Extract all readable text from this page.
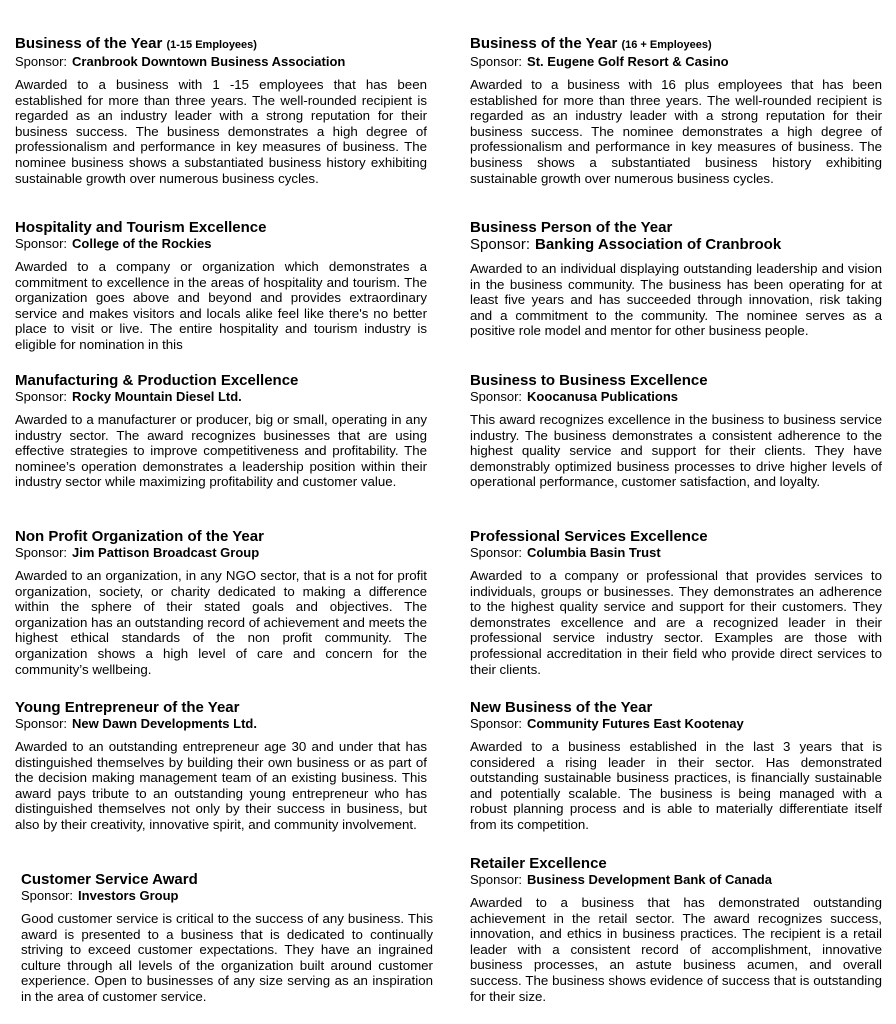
Business of the Year (1-15 Employees)
Sponsor: Cranbrook Downtown Business Association
Awarded to a business with 1 -15 employees that has been established for more than three years. The well-rounded recipient is regarded as an industry leader with a strong reputation for their business success. The business demonstrates a high degree of professionalism and performance in key measures of business. The nominee business shows a substantiated business history exhibiting sustainable growth over numerous business cycles.
Hospitality and Tourism Excellence
Sponsor: College of the Rockies
Awarded to a company or organization which demonstrates a commitment to excellence in the areas of hospitality and tourism. The organization goes above and beyond and provides extraordinary service and makes visitors and locals alike feel like there's no better place to visit or live. The entire hospitality and tourism industry is eligible for nomination in this
Manufacturing & Production Excellence
Sponsor: Rocky Mountain Diesel Ltd.
Awarded to a manufacturer or producer, big or small, operating in any industry sector. The award recognizes businesses that are using effective strategies to improve competitiveness and profitability. The nominee’s operation demonstrates a leadership position within their industry sector while maximizing profitability and customer value.
Non Profit Organization of the Year
Sponsor: Jim Pattison Broadcast Group
Awarded to an organization, in any NGO sector, that is a not for profit organization, society, or charity dedicated to making a difference within the sphere of their stated goals and objectives. The organization has an outstanding record of achievement and meets the highest ethical standards of the non profit community. The organization shows a high level of care and concern for the community’s wellbeing.
Young Entrepreneur of the Year
Sponsor: New Dawn Developments Ltd.
Awarded to an outstanding entrepreneur age 30 and under that has distinguished themselves by building their own business or as part of the decision making management team of an existing business. This award pays tribute to an outstanding young entrepreneur who has distinguished themselves not only by their success in business, but also by their creativity, innovative spirit, and community involvement.
Customer Service Award
Sponsor: Investors Group
Good customer service is critical to the success of any business. This award is presented to a business that is dedicated to continually striving to exceed customer expectations. They have an ingrained culture through all levels of the organization built around customer experience. Open to businesses of any size serving as an inspiration in the area of customer service.
Business of the Year (16 + Employees)
Sponsor: St. Eugene Golf Resort & Casino
Awarded to a business with 16 plus employees that has been established for more than three years. The well-rounded recipient is regarded as an industry leader with a strong reputation for their business success. The nominee demonstrates a high degree of professionalism and performance in key measures of business. The business shows a substantiated business history exhibiting sustainable growth over numerous business cycles.
Business Person of the Year
Sponsor: Banking Association of Cranbrook
Awarded to an individual displaying outstanding leadership and vision in the business community. The business has been operating for at least five years and has succeeded through innovation, risk taking and a commitment to the community. The nominee serves as a positive role model and mentor for other business people.
Business to Business Excellence
Sponsor: Koocanusa Publications
This award recognizes excellence in the business to business service industry. The business demonstrates a consistent adherence to the highest quality service and support for their clients. They have demonstrably optimized business processes to drive higher levels of operational performance, customer satisfaction, and loyalty.
Professional Services Excellence
Sponsor: Columbia Basin Trust
Awarded to a company or professional that provides services to individuals, groups or businesses. They demonstrates an adherence to the highest quality service and support for their customers. They demonstrates excellence and are a recognized leader in their professional service industry sector. Examples are those with professional accreditation in their field who provide direct services to their clients.
New Business of the Year
Sponsor: Community Futures East Kootenay
Awarded to a business established in the last 3 years that is considered a rising leader in their sector. Has demonstrated outstanding sustainable business practices, is financially sustainable and potentially scalable. The business is being managed with a robust planning process and is able to materially differentiate itself from its competition.
Retailer Excellence
Sponsor: Business Development Bank of Canada
Awarded to a business that has demonstrated outstanding achievement in the retail sector. The award recognizes success, innovation, and ethics in business practices. The recipient is a retail leader with a consistent record of accomplishment, innovative business processes, an astute business acumen, and overall success. The business shows evidence of success that is outstanding for their size.
